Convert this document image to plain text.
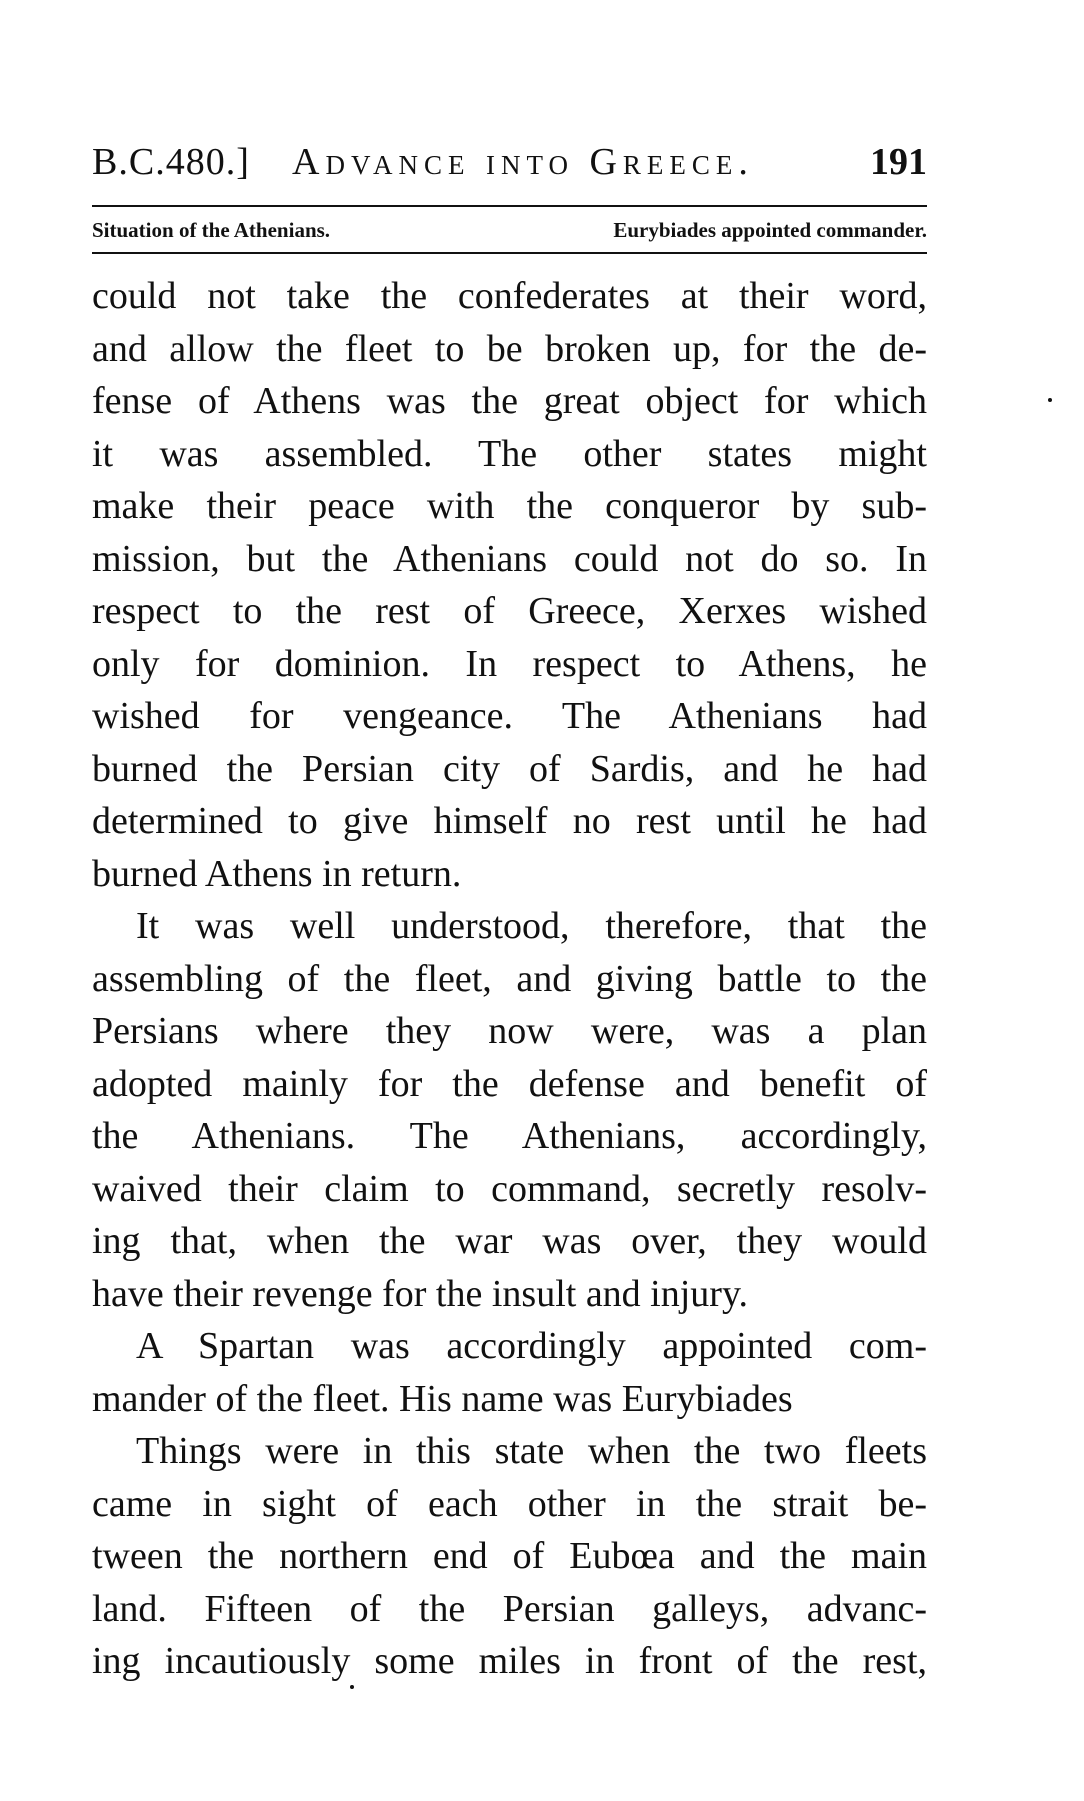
B.C.480.] Advance into Greece.	191
Situation of the Athenians.	Eurybiades appointed commander.
could not take the confederates at their word,
and allow the fleet to be broken up, for the de-
fense of Athens was the great object for which
it was assembled. The other states might
make their peace with the conqueror by sub-
mission, but the Athenians could not do so. In
respect to the rest of Greece, Xerxes wished
only for dominion. In respect to Athens, he
wished for vengeance. The Athenians had
burned the Persian city of Sardis, and he had
determined to give himself no rest until he had
burned Athens in return.
It was well understood, therefore, that the
assembling of the fleet, and giving battle to the
Persians where they now were, was a plan
adopted mainly for the defense and benefit of
the Athenians. The Athenians, accordingly,
waived their claim to command, secretly resolv-
ing that, when the war was over, they would
have their revenge for the insult and injury.
A Spartan was accordingly appointed com-
mander of the fleet. His name was Eurybiades
Things were in this state when the two fleets
came in sight of each other in the strait be-
tween the northern end of Eubœa and the main
land. Fifteen of the Persian galleys, advanc-
ing incautiously some miles in front of the rest,
